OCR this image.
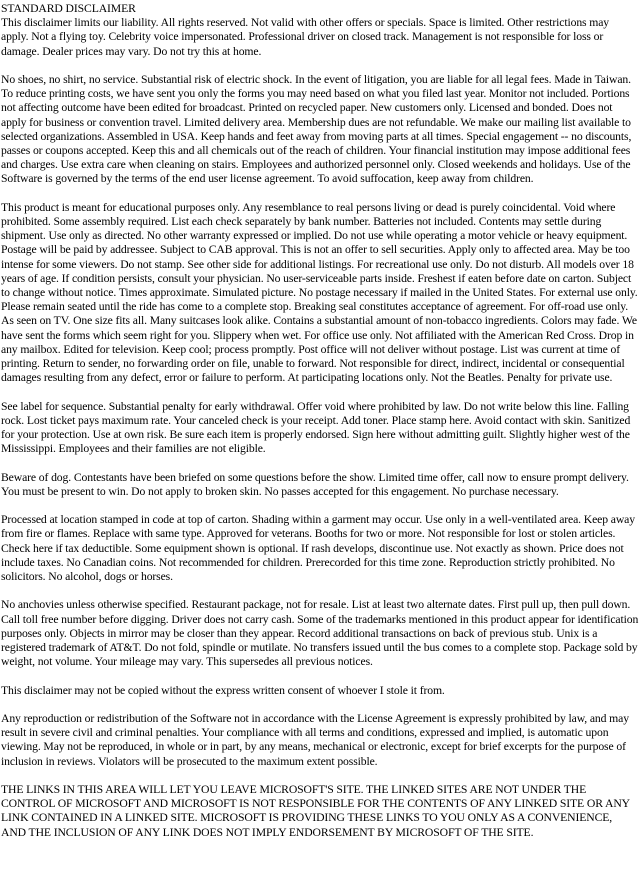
STANDARD DISCLAIMER

This disclaimer limits our liability. All rights reserved. Not valid with other offers or specials. Space is limited. Other restrictions may apply. Not a flying toy. Celebrity voice impersonated. Professional driver on closed track. Management is not responsible for loss or damage. Dealer prices may vary. Do not try this at home.

No shoes, no shirt, no service. Substantial risk of electric shock. In the event of litigation, you are liable for all legal fees. Made in Taiwan. To reduce printing costs, we have sent you only the forms you may need based on what you filed last year. Monitor not included. Portions not affecting outcome have been edited for broadcast. Printed on recycled paper. New customers only. Licensed and bonded. Does not apply for business or convention travel. Limited delivery area. Membership dues are not refundable. We make our mailing list available to selected organizations. Assembled in USA. Keep hands and feet away from moving parts at all times. Special engagement -- no discounts, passes or coupons accepted. Keep this and all chemicals out of the reach of children. Your financial institution may impose additional fees and charges. Use extra care when cleaning on stairs. Employees and authorized personnel only. Closed weekends and holidays. Use of the Software is governed by the terms of the end user license agreement. To avoid suffocation, keep away from children.

This product is meant for educational purposes only. Any resemblance to real persons living or dead is purely coincidental. Void where prohibited. Some assembly required. List each check separately by bank number. Batteries not included. Contents may settle during shipment. Use only as directed. No other warranty expressed or implied. Do not use while operating a motor vehicle or heavy equipment. Postage will be paid by addressee. Subject to CAB approval. This is not an offer to sell securities. Apply only to affected area. May be too intense for some viewers. Do not stamp. See other side for additional listings. For recreational use only. Do not disturb. All models over 18 years of age. If condition persists, consult your physician. No user-serviceable parts inside. Freshest if eaten before date on carton. Subject to change without notice. Times approximate. Simulated picture. No postage necessary if mailed in the United States. For external use only. Please remain seated until the ride has come to a complete stop. Breaking seal constitutes acceptance of agreement. For off-road use only. As seen on TV. One size fits all. Many suitcases look alike. Contains a substantial amount of non-tobacco ingredients. Colors may fade. We have sent the forms which seem right for you. Slippery when wet. For office use only. Not affiliated with the American Red Cross. Drop in any mailbox. Edited for television. Keep cool; process promptly. Post office will not deliver without postage. List was current at time of printing. Return to sender, no forwarding order on file, unable to forward. Not responsible for direct, indirect, incidental or consequential damages resulting from any defect, error or failure to perform. At participating locations only. Not the Beatles. Penalty for private use.

See label for sequence. Substantial penalty for early withdrawal. Offer void where prohibited by law. Do not write below this line. Falling rock. Lost ticket pays maximum rate. Your canceled check is your receipt. Add toner. Place stamp here. Avoid contact with skin. Sanitized for your protection. Use at own risk. Be sure each item is properly endorsed. Sign here without admitting guilt. Slightly higher west of the Mississippi. Employees and their families are not eligible.

Beware of dog. Contestants have been briefed on some questions before the show. Limited time offer, call now to ensure prompt delivery. You must be present to win. Do not apply to broken skin. No passes accepted for this engagement. No purchase necessary.

Processed at location stamped in code at top of carton. Shading within a garment may occur. Use only in a well-ventilated area. Keep away from fire or flames. Replace with same type. Approved for veterans. Booths for two or more. Not responsible for lost or stolen articles. Check here if tax deductible. Some equipment shown is optional. If rash develops, discontinue use. Not exactly as shown. Price does not include taxes. No Canadian coins. Not recommended for children. Prerecorded for this time zone. Reproduction strictly prohibited. No solicitors. No alcohol, dogs or horses.

No anchovies unless otherwise specified. Restaurant package, not for resale. List at least two alternate dates. First pull up, then pull down. Call toll free number before digging. Driver does not carry cash. Some of the trademarks mentioned in this product appear for identification purposes only. Objects in mirror may be closer than they appear. Record additional transactions on back of previous stub. Unix is a registered trademark of AT&T. Do not fold, spindle or mutilate. No transfers issued until the bus comes to a complete stop. Package sold by weight, not volume. Your mileage may vary. This supersedes all previous notices.

This disclaimer may not be copied without the express written consent of whoever I stole it from.

Any reproduction or redistribution of the Software not in accordance with the License Agreement is expressly prohibited by law, and may result in severe civil and criminal penalties. Your compliance with all terms and conditions, expressed and implied, is automatic upon viewing. May not be reproduced, in whole or in part, by any means, mechanical or electronic, except for brief excerpts for the purpose of inclusion in reviews. Violators will be prosecuted to the maximum extent possible.

THE LINKS IN THIS AREA WILL LET YOU LEAVE MICROSOFT'S SITE. THE LINKED SITES ARE NOT UNDER THE CONTROL OF MICROSOFT AND MICROSOFT IS NOT RESPONSIBLE FOR THE CONTENTS OF ANY LINKED SITE OR ANY LINK CONTAINED IN A LINKED SITE. MICROSOFT IS PROVIDING THESE LINKS TO YOU ONLY AS A CONVENIENCE, AND THE INCLUSION OF ANY LINK DOES NOT IMPLY ENDORSEMENT BY MICROSOFT OF THE SITE.
